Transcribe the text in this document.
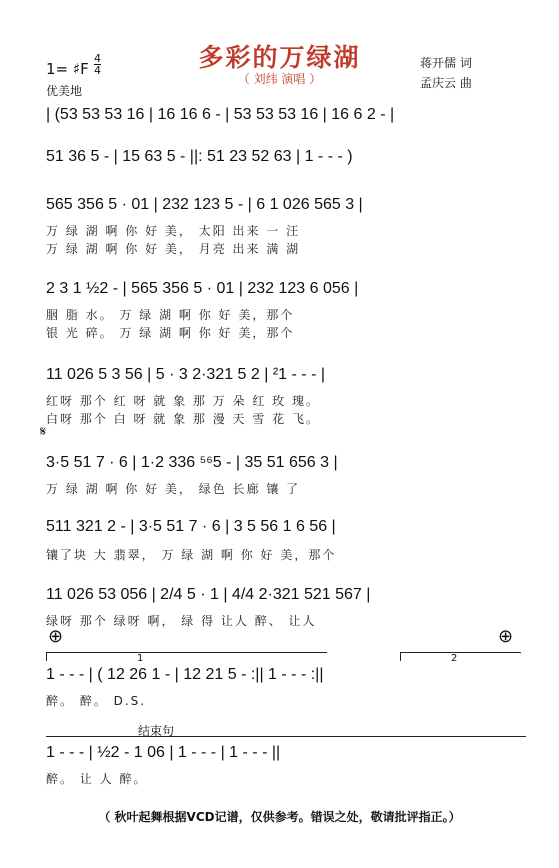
多彩的万绿湖
（ 刘纬 演唱 ）
1= ♯F
4
4
优美地
蒋开儒 词
孟庆云 曲
| (53 53 53 16 | 16 16 6 - | 53 53 53 16 | 16 6 2 - |
51 36 5 - | 15 63 5 - ||: 51 23 52 63 | 1 - - - )
565 356 5 · 01 | 232 123 5 - | 6 1 026 565 3 |
万 绿 湖 啊 你 好 美， 太阳 出来 一 汪
万 绿 湖 啊 你 好 美， 月亮 出来 满 湖
2 3 1 ½2 - | 565 356 5 · 01 | 232 123 6 056 |
胭 脂 水。 万 绿 湖 啊 你 好 美，那个
银 光 碎。 万 绿 湖 啊 你 好 美，那个
11 026 5 3 56 | 5 · 3 2·321 5 2 | ²1 - - - |
红呀 那个 红 呀 就 象 那 万 朵 红 玫 瑰。
白呀 那个 白 呀 就 象 那 漫 天 雪 花 飞。
𝄋
3·5 51 7 · 6 | 1·2 336 ⁵⁶5 - | 35 51 656 3 |
万 绿 湖 啊 你 好 美， 绿色 长廊 镶 了
511 321 2 - | 3·5 51 7 · 6 | 3 5 56 1 6 56 |
镶了块 大 翡翠， 万 绿 湖 啊 你 好 美，那个
11 026 53 056 | 2/4 5 · 1 | 4/4 2·321 521 567 |
绿呀 那个 绿呀 啊， 绿 得 让人 醉、 让人
⊕	⊕
1	2
1 - - - | ( 12 26 1 - | 12 21 5 - :|| 1 - - - :||
醉。 醉。 D.S.
结束句
1 - - - | ½2 - 1 06 | 1 - - - | 1 - - - ||
醉。 让 人 醉。
（ 秋叶起舞根据VCD记谱，仅供参考。错误之处，敬请批评指正。）
